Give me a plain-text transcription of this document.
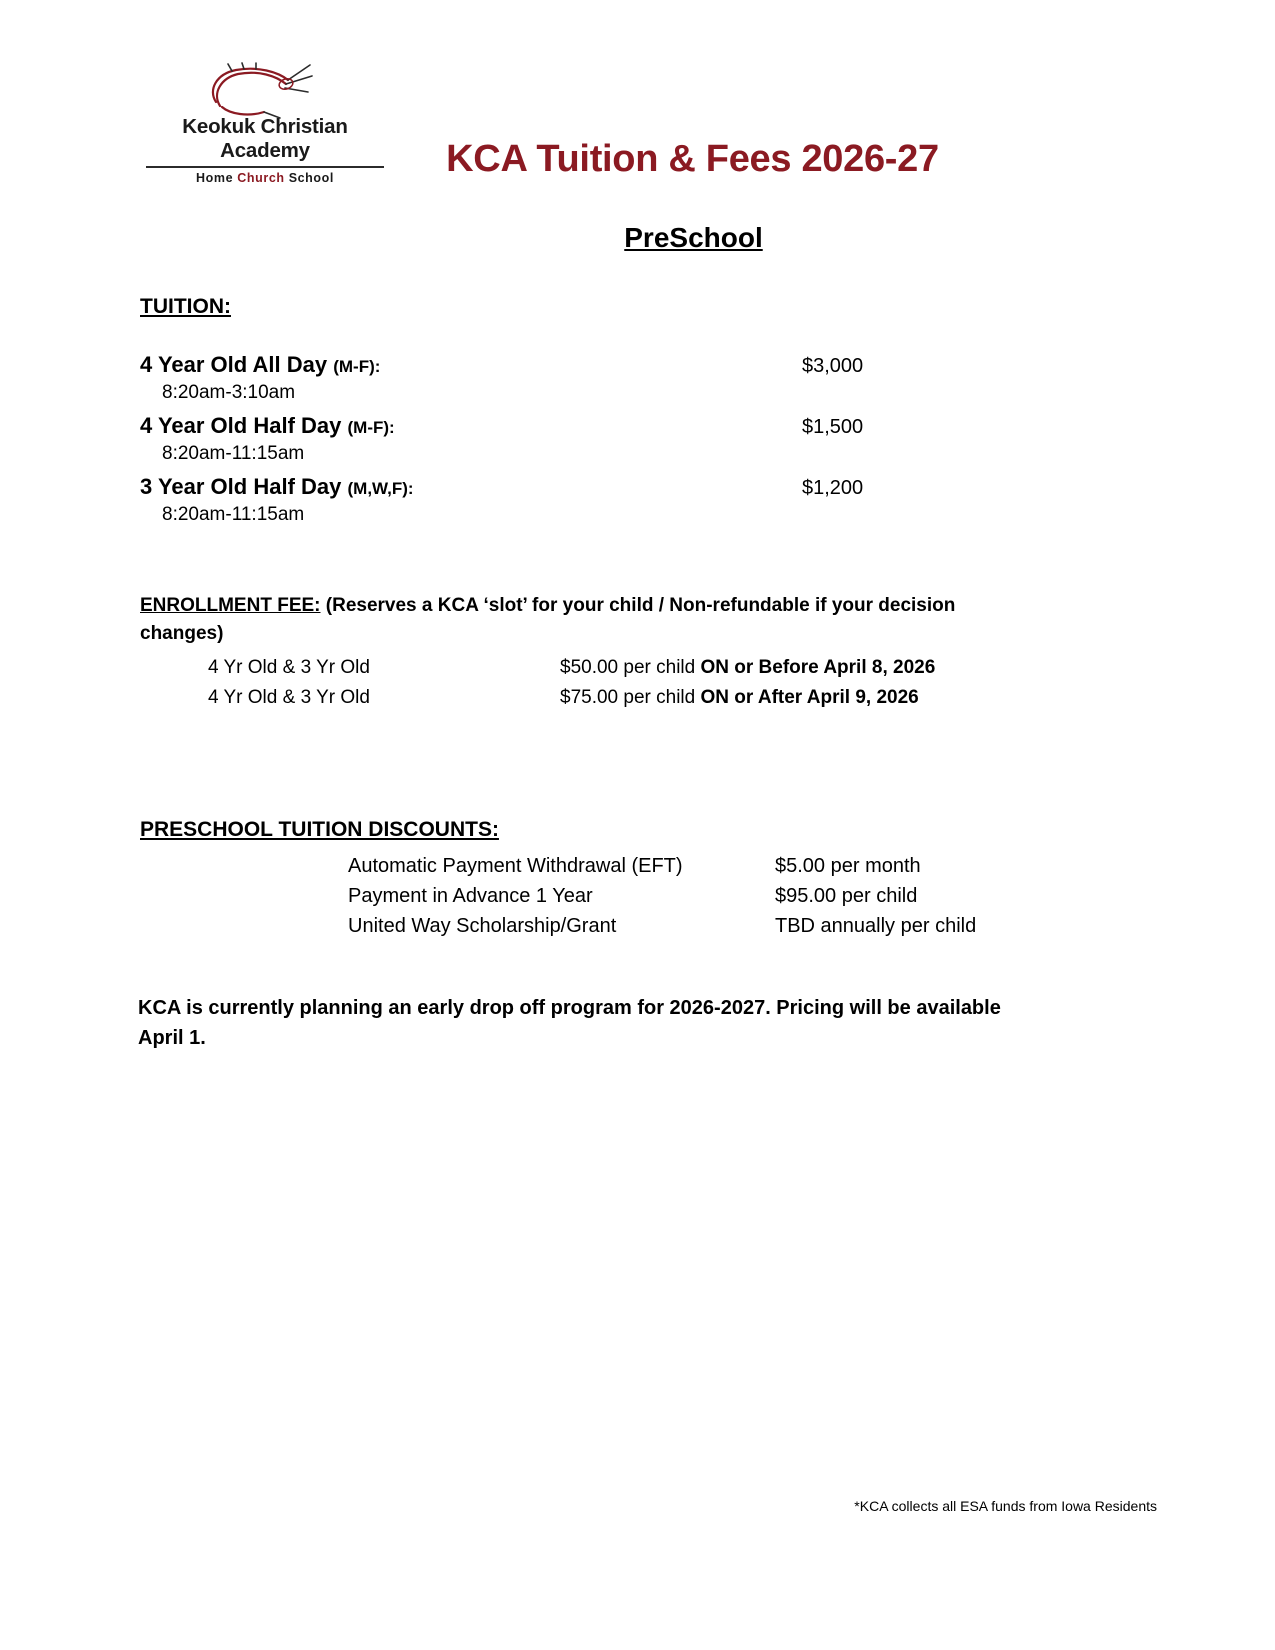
Keokuk Christian Academy
Home Church School	KCA Tuition & Fees 2026-27
PreSchool
TUITION:
4 Year Old All Day (M-F):
8:20am-3:10am
$3,000
4 Year Old Half Day (M-F):
8:20am-11:15am
$1,500
3 Year Old Half Day (M,W,F):
8:20am-11:15am
$1,200
ENROLLMENT FEE: (Reserves a KCA ‘slot’ for your child / Non-refundable if your decision changes)
4 Yr Old & 3 Yr Old	$50.00 per child ON or Before April 8, 2026
4 Yr Old & 3 Yr Old	$75.00 per child ON or After April 9, 2026
PRESCHOOL TUITION DISCOUNTS:
Automatic Payment Withdrawal (EFT)	$5.00 per month
Payment in Advance 1 Year	$95.00 per child
United Way Scholarship/Grant	TBD annually per child
KCA is currently planning an early drop off program for 2026-2027. Pricing will be available April 1.
*KCA collects all ESA funds from Iowa Residents
